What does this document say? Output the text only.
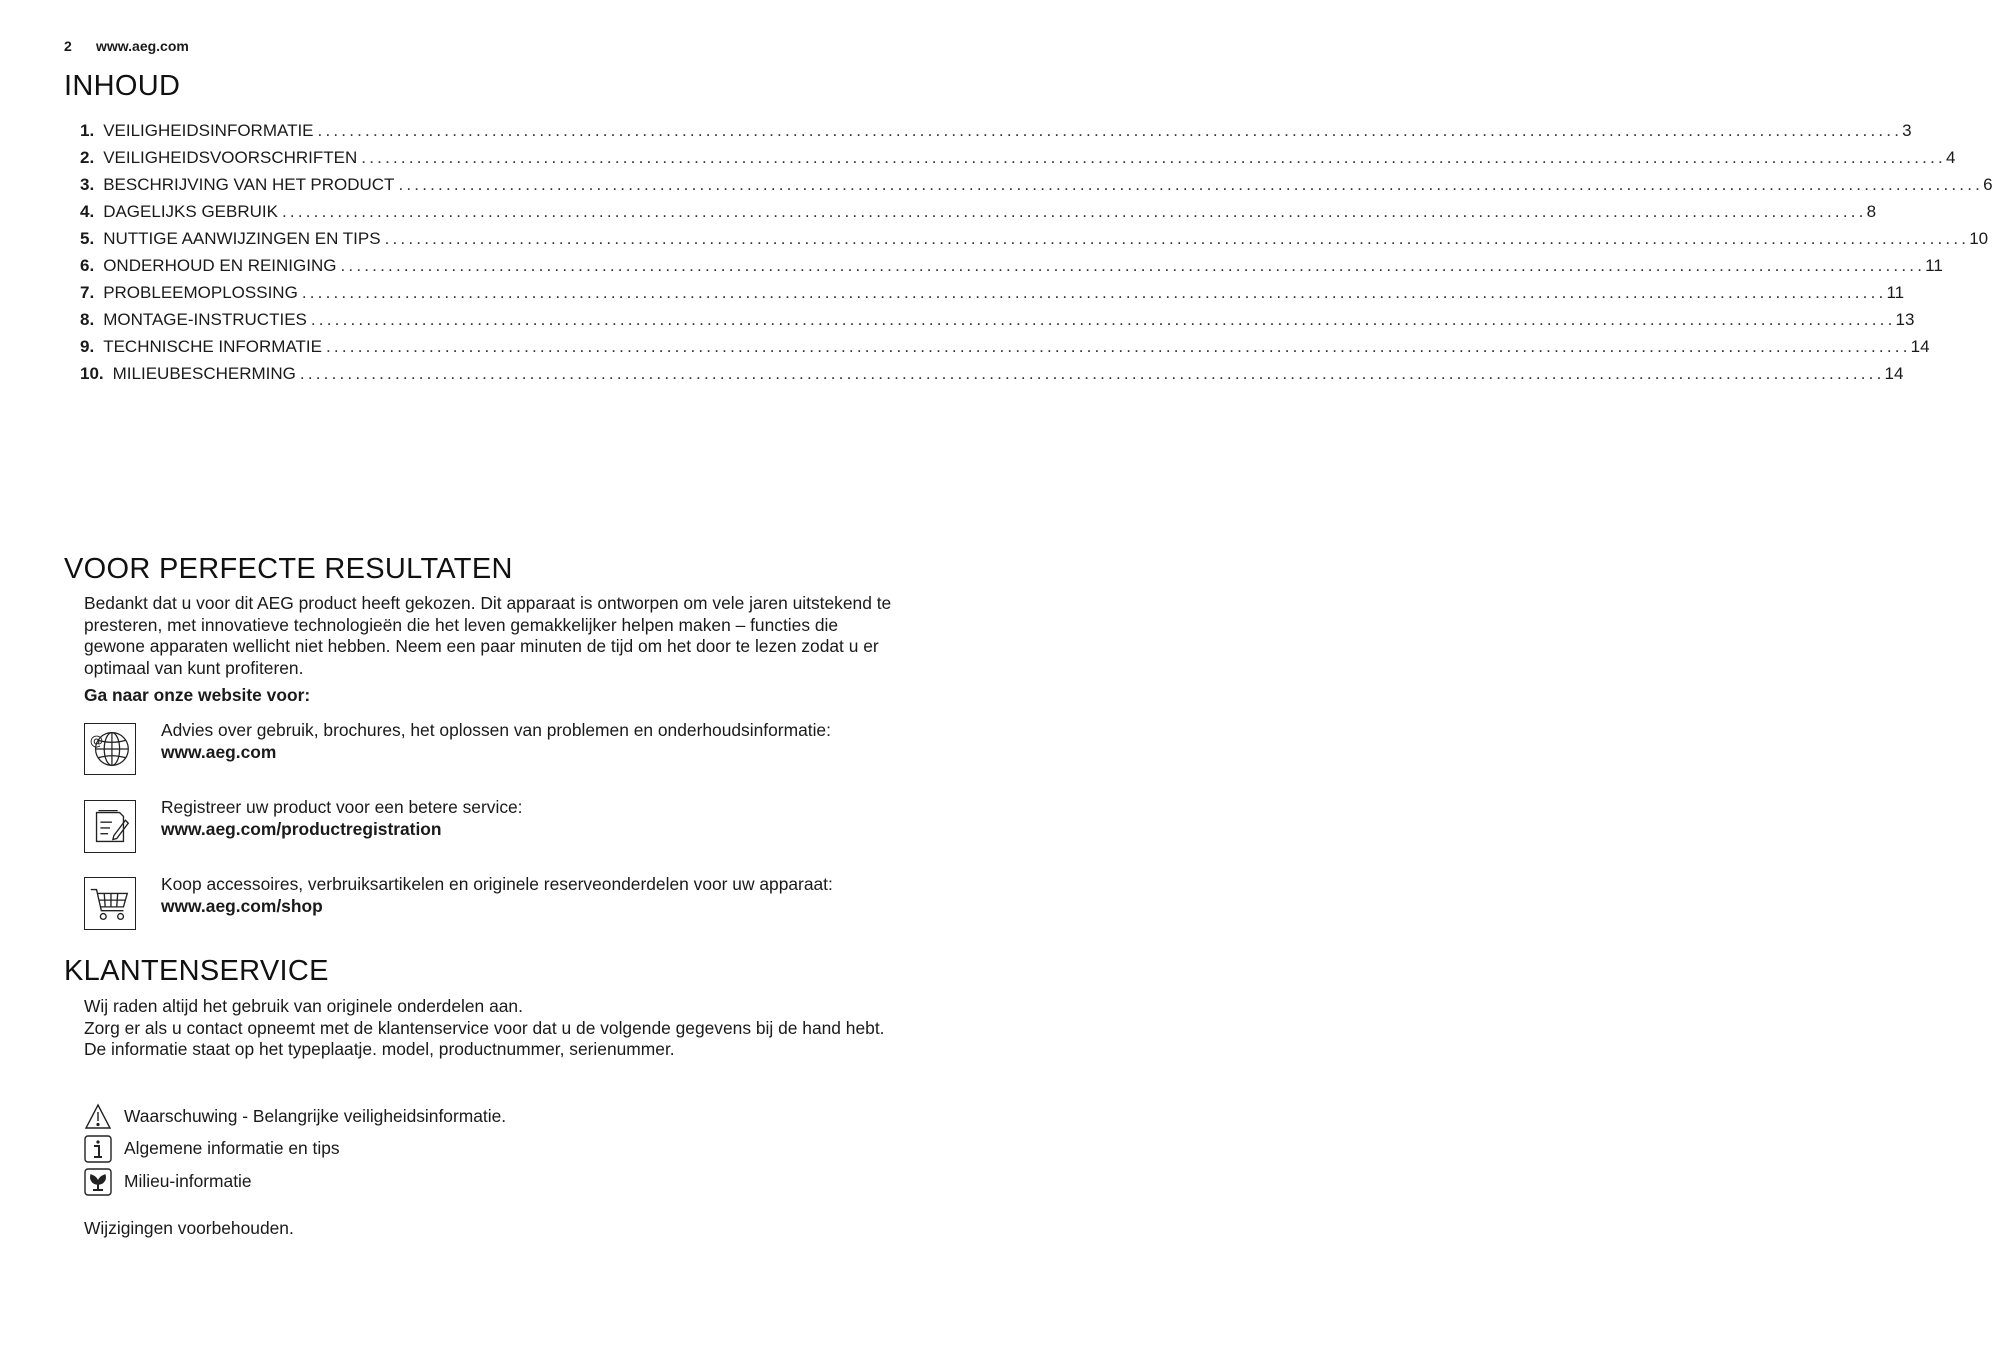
2 www.aeg.com
INHOUD
1. VEILIGHEIDSINFORMATIE ........................................................................................................................................................................................................ 3
2. VEILIGHEIDSVOORSCHRIFTEN ........................................................................................................................................................................................................ 4
3. BESCHRIJVING VAN HET PRODUCT ........................................................................................................................................................................................................ 6
4. DAGELIJKS GEBRUIK ........................................................................................................................................................................................................ 8
5. NUTTIGE AANWIJZINGEN EN TIPS ........................................................................................................................................................................................................ 10
6. ONDERHOUD EN REINIGING ........................................................................................................................................................................................................ 11
7. PROBLEEMOPLOSSING ........................................................................................................................................................................................................ 11
8. MONTAGE-INSTRUCTIES ........................................................................................................................................................................................................ 13
9. TECHNISCHE INFORMATIE ........................................................................................................................................................................................................ 14
10. MILIEUBESCHERMING ........................................................................................................................................................................................................ 14
VOOR PERFECTE RESULTATEN
Bedankt dat u voor dit AEG product heeft gekozen. Dit apparaat is ontworpen om vele jaren uitstekend te presteren, met innovatieve technologieën die het leven gemakkelijker helpen maken – functies die gewone apparaten wellicht niet hebben. Neem een paar minuten de tijd om het door te lezen zodat u er optimaal van kunt profiteren.
Ga naar onze website voor:
@
Advies over gebruik, brochures, het oplossen van problemen en onderhoudsinformatie:
www.aeg.com
Registreer uw product voor een betere service:
www.aeg.com/productregistration
Koop accessoires, verbruiksartikelen en originele reserveonderdelen voor uw apparaat:
www.aeg.com/shop
KLANTENSERVICE
Wij raden altijd het gebruik van originele onderdelen aan.
Zorg er als u contact opneemt met de klantenservice voor dat u de volgende gegevens bij de hand hebt.
De informatie staat op het typeplaatje. model, productnummer, serienummer.
Waarschuwing - Belangrijke veiligheidsinformatie.
Algemene informatie en tips
Milieu-informatie
Wijzigingen voorbehouden.
